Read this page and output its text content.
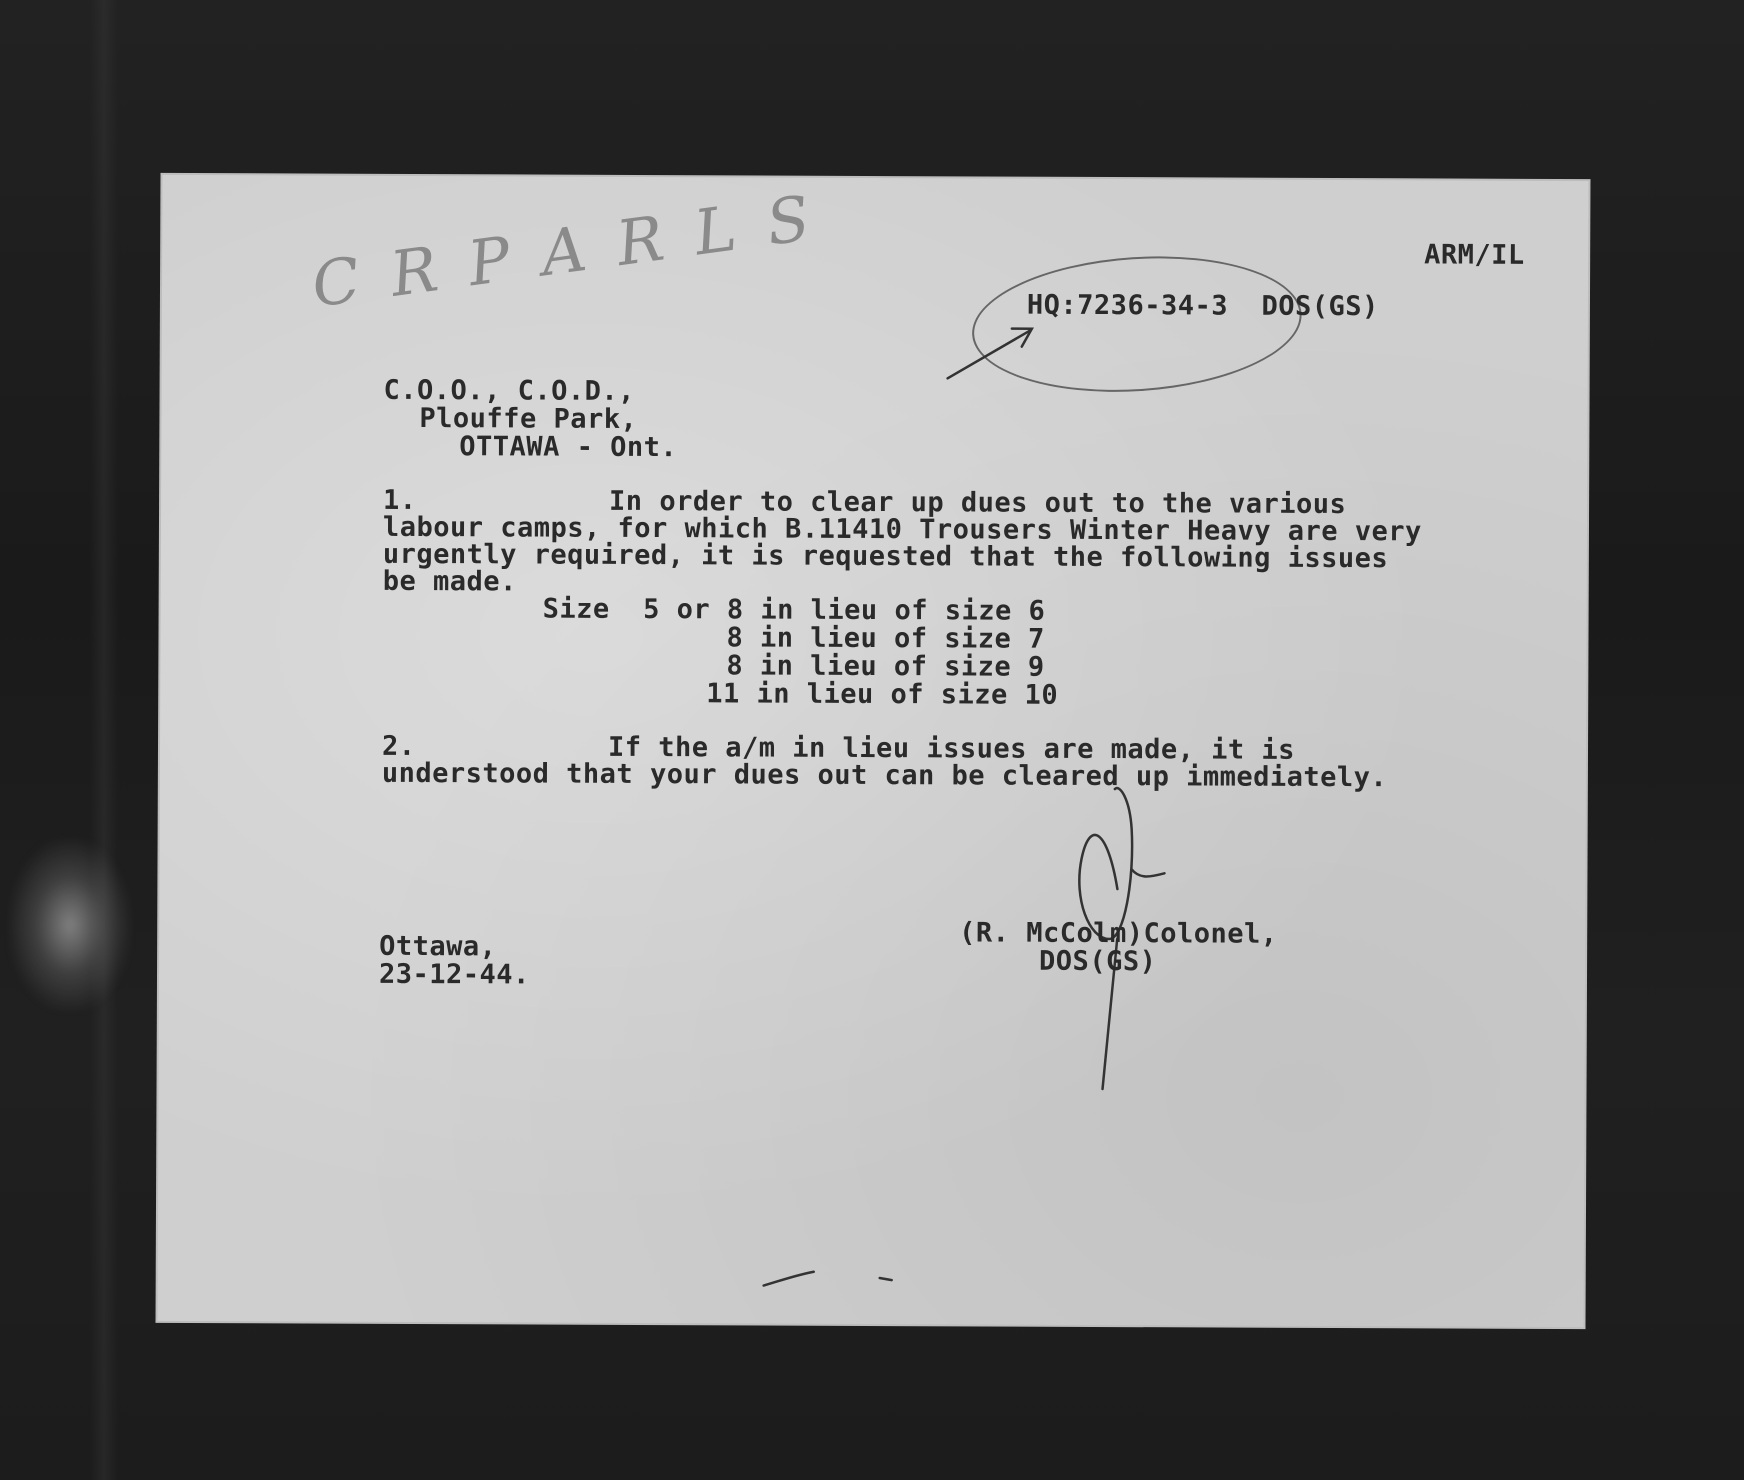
C R P A R L S	ARM/IL
HQ:7236-34-3  DOS(GS)
C.O.O., C.O.D.,
Plouffe Park,
OTTAWA - Ont.
1.	In order to clear up dues out to the various
labour camps, for which B.11410 Trousers Winter Heavy are very
urgently required, it is requested that the following issues
be made.
Size  5 or 8 in lieu of size 6
8 in lieu of size 7
8 in lieu of size 9
11 in lieu of size 10
2.	If the a/m in lieu issues are made, it is
understood that your dues out can be cleared up immediately.
(R. McColm)Colonel,
DOS(GS)
Ottawa,
23-12-44.
